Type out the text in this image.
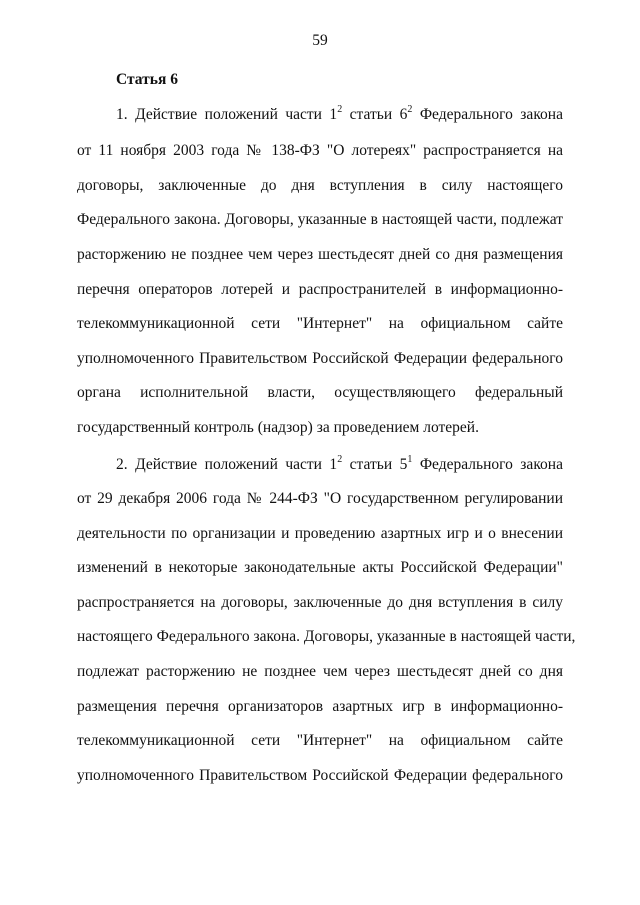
59
Статья 6
1. Действие положений части $1^2$ статьи $6^2$ Федерального закона
от 11 ноября 2003 года № 138-ФЗ "О лотереях" распространяется на
договоры, заключенные до дня вступления в силу настоящего
Федерального закона. Договоры, указанные в настоящей части, подлежат
расторжению не позднее чем через шестьдесят дней со дня размещения
перечня операторов лотерей и распространителей в информационно-
телекоммуникационной сети "Интернет" на официальном сайте
уполномоченного Правительством Российской Федерации федерального
органа исполнительной власти, осуществляющего федеральный
государственный контроль (надзор) за проведением лотерей.
2. Действие положений части $1^2$ статьи $5^1$ Федерального закона
от 29 декабря 2006 года № 244-ФЗ "О государственном регулировании
деятельности по организации и проведению азартных игр и о внесении
изменений в некоторые законодательные акты Российской Федерации"
распространяется на договоры, заключенные до дня вступления в силу
настоящего Федерального закона. Договоры, указанные в настоящей части,
подлежат расторжению не позднее чем через шестьдесят дней со дня
размещения перечня организаторов азартных игр в информационно-
телекоммуникационной сети "Интернет" на официальном сайте
уполномоченного Правительством Российской Федерации федерального
